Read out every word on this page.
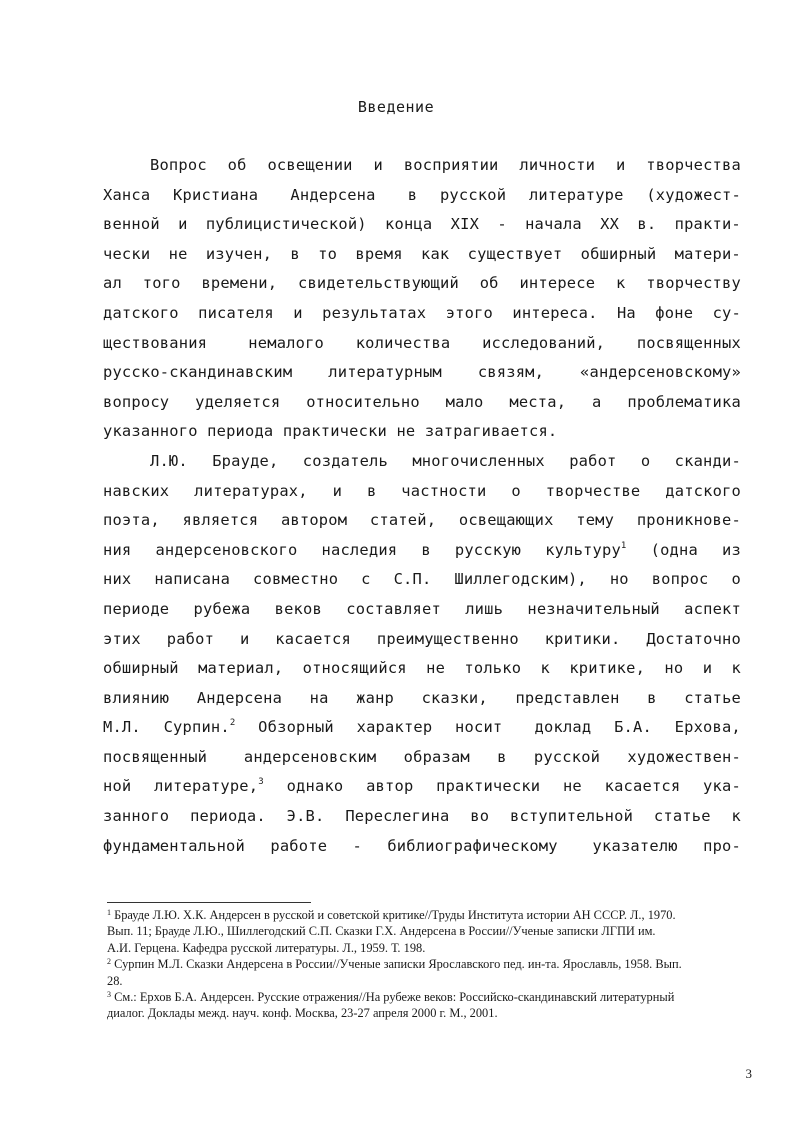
Введение
Вопрос об освещении и восприятии личности и творчества
Ханса Кристиана Андерсена в русской литературе (художест-
венной и публицистической) конца XIX - начала XX в. практи-
чески не изучен, в то время как существует обширный матери-
ал того времени, свидетельствующий об интересе к творчеству
датского писателя и результатах этого интереса. На фоне су-
ществования немалого количества исследований, посвященных
русско-скандинавским литературным связям, «андерсеновскому»
вопросу уделяется относительно мало места, а проблематика
указанного периода практически не затрагивается.
Л.Ю. Брауде, создатель многочисленных работ о сканди-
навских литературах, и в частности о творчестве датского
поэта, является автором статей, освещающих тему проникнове-
ния андерсеновского наследия в русскую культуру$^1$ (одна из
них написана совместно с С.П. Шиллегодским), но вопрос о
периоде рубежа веков составляет лишь незначительный аспект
этих работ и касается преимущественно критики. Достаточно
обширный материал, относящийся не только к критике, но и к
влиянию Андерсена на жанр сказки, представлен в статье
М.Л. Сурпин.$^2$ Обзорный характер носит доклад Б.А. Ерхова,
посвященный андерсеновским образам в русской художествен-
ной литературе,$^3$ однако автор практически не касается ука-
занного периода. Э.В. Переслегина во вступительной статье к
фундаментальной работе - библиографическому указателю про-
$^1$ Брауде Л.Ю. Х.К. Андерсен в русской и советской критике//Труды Института истории АН СССР. Л., 1970.
Вып. 11; Брауде Л.Ю., Шиллегодский С.П. Сказки Г.Х. Андерсена в России//Ученые записки ЛГПИ им.
А.И. Герцена. Кафедра русской литературы. Л., 1959. Т. 198.
$^2$ Сурпин М.Л. Сказки Андерсена в России//Ученые записки Ярославского пед. ин-та. Ярославль, 1958. Вып.
28.
$^3$ См.: Ерхов Б.А. Андерсен. Русские отражения//На рубеже веков: Российско-скандинавский литературный
диалог. Доклады межд. науч. конф. Москва, 23-27 апреля 2000 г. М., 2001.
3
